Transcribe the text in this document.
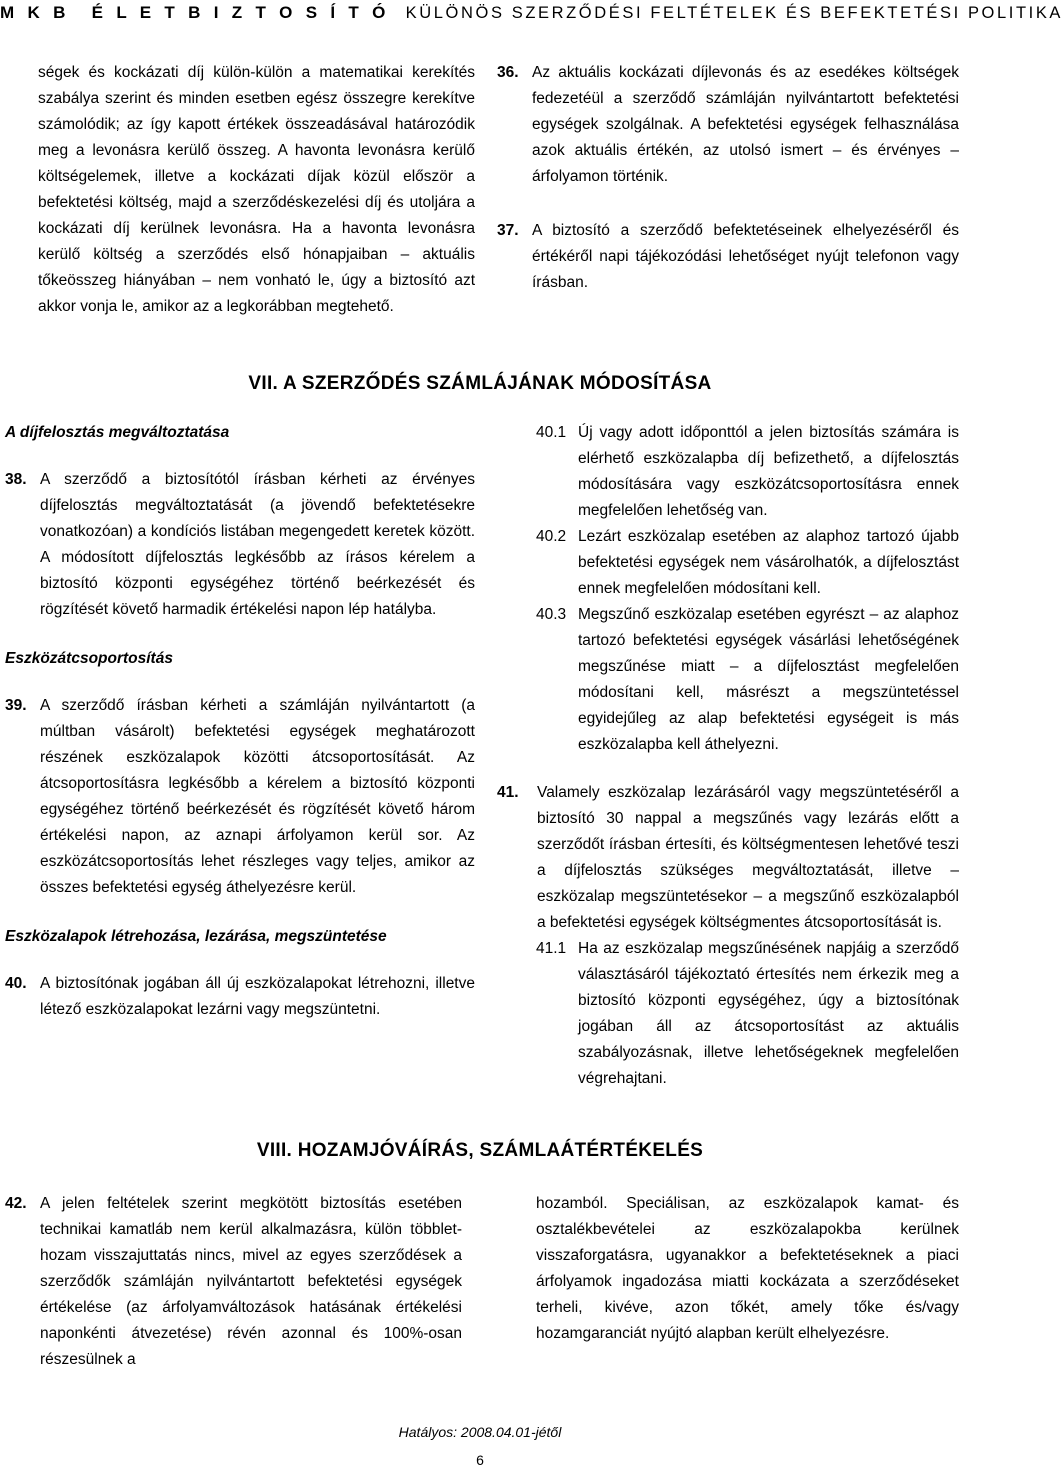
M K B É L E T B I Z T O S Í T Ó KÜLÖNÖS SZERZŐDÉSI FELTÉTELEK ÉS BEFEKTETÉSI POLITIKA

ségek és kockázati díj külön-külön a matematikai kerekítés szabálya szerint és minden esetben egész összegre kerekítve számolódik; az így kapott értékek összeadásával határozódik meg a levonásra kerülő összeg. A havonta levonásra kerülő költségelemek, illetve a kockázati díjak közül először a befektetési költség, majd a szerződéskezelési díj és utoljára a kockázati díj kerülnek levonásra. Ha a havonta levonásra kerülő költség a szerződés első hónapjaiban – aktuális tőkeösszeg hiányában – nem vonható le, úgy a biztosító azt akkor vonja le, amikor az a legkorábban megtehető.

36. Az aktuális kockázati díjlevonás és az esedékes költségek fedezetéül a szerződő számláján nyilvántartott befektetési egységek szolgálnak. A befektetési egységek felhasználása azok aktuális értékén, az utolsó ismert – és érvényes – árfolyamon történik.
37. A biztosító a szerződő befektetéseinek elhelyezéséről és értékéről napi tájékozódási lehetőséget nyújt telefonon vagy írásban.
VII. A SZERZŐDÉS SZÁMLÁJÁNAK MÓDOSÍTÁSA

A díjfelosztás megváltoztatása

38. A szerződő a biztosítótól írásban kérheti az érvényes díjfelosztás megváltoztatását (a jövendő befektetésekre vonatkozóan) a kondíciós listában megengedett keretek között. A módosított díjfelosztás legkésőbb az írásos kérelem a biztosító központi egységéhez történő beérkezését és rögzítését követő harmadik értékelési napon lép hatályba.

Eszközátcsoportosítás

39. A szerződő írásban kérheti a számláján nyilvántartott (a múltban vásárolt) befektetési egységek meghatározott részének eszközalapok közötti átcsoportosítását. Az átcsoportosításra legkésőbb a kérelem a biztosító központi egységéhez történő beérkezését és rögzítését követő három értékelési napon, az aznapi árfolyamon kerül sor. Az eszközátcsoportosítás lehet részleges vagy teljes, amikor az összes befektetési egység áthelyezésre kerül.

Eszközalapok létrehozása, lezárása, megszüntetése

40. A biztosítónak jogában áll új eszközalapokat létrehozni, illetve létező eszközalapokat lezárni vagy megszüntetni.
40.1 Új vagy adott időponttól a jelen biztosítás számára is elérhető eszközalapba díj befizethető, a díjfelosztás módosítására vagy eszközátcsoportosításra ennek megfelelően lehetőség van.
40.2 Lezárt eszközalap esetében az alaphoz tartozó újabb befektetési egységek nem vásárolhatók, a díjfelosztást ennek megfelelően módosítani kell.
40.3 Megszűnő eszközalap esetében egyrészt – az alaphoz tartozó befektetési egységek vásárlási lehetőségének megszűnése miatt – a díjfelosztást megfelelően módosítani kell, másrészt a megszüntetéssel egyidejűleg az alap befektetési egységeit is más eszközalapba kell áthelyezni.
41. Valamely eszközalap lezárásáról vagy megszüntetéséről a biztosító 30 nappal a megszűnés vagy lezárás előtt a szerződőt írásban értesíti, és költségmentesen lehetővé teszi a díjfelosztás szükséges megváltoztatását, illetve – eszközalap megszüntetésekor – a megszűnő eszközalapból a befektetési egységek költségmentes átcsoportosítását is.
41.1 Ha az eszközalap megszűnésének napjáig a szerződő választásáról tájékoztató értesítés nem érkezik meg a biztosító központi egységéhez, úgy a biztosítónak jogában áll az átcsoportosítást az aktuális szabályozásnak, illetve lehetőségeknek megfelelően végrehajtani.
VIII. HOZAMJÓVÁÍRÁS, SZÁMLAÁTÉRTÉKELÉS
42. A jelen feltételek szerint megkötött biztosítás esetében technikai kamatláb nem kerül alkalmazásra, külön többlet-hozam visszajuttatás nincs, mivel az egyes szerződések a szerződők számláján nyilvántartott befektetési egységek értékelése (az árfolyamváltozások hatásának értékelési naponkénti átvezetése) révén azonnal és 100%-osan részesülnek a

hozamból. Speciálisan, az eszközalapok kamat- és osztalékbevételei az eszközalapokba kerülnek visszaforgatásra, ugyanakkor a befektetéseknek a piaci árfolyamok ingadozása miatti kockázata a szerződéseket terheli, kivéve, azon tőkét, amely tőke és/vagy hozamgaranciát nyújtó alapban került elhelyezésre.

Hatályos: 2008.04.01-jétől
6
